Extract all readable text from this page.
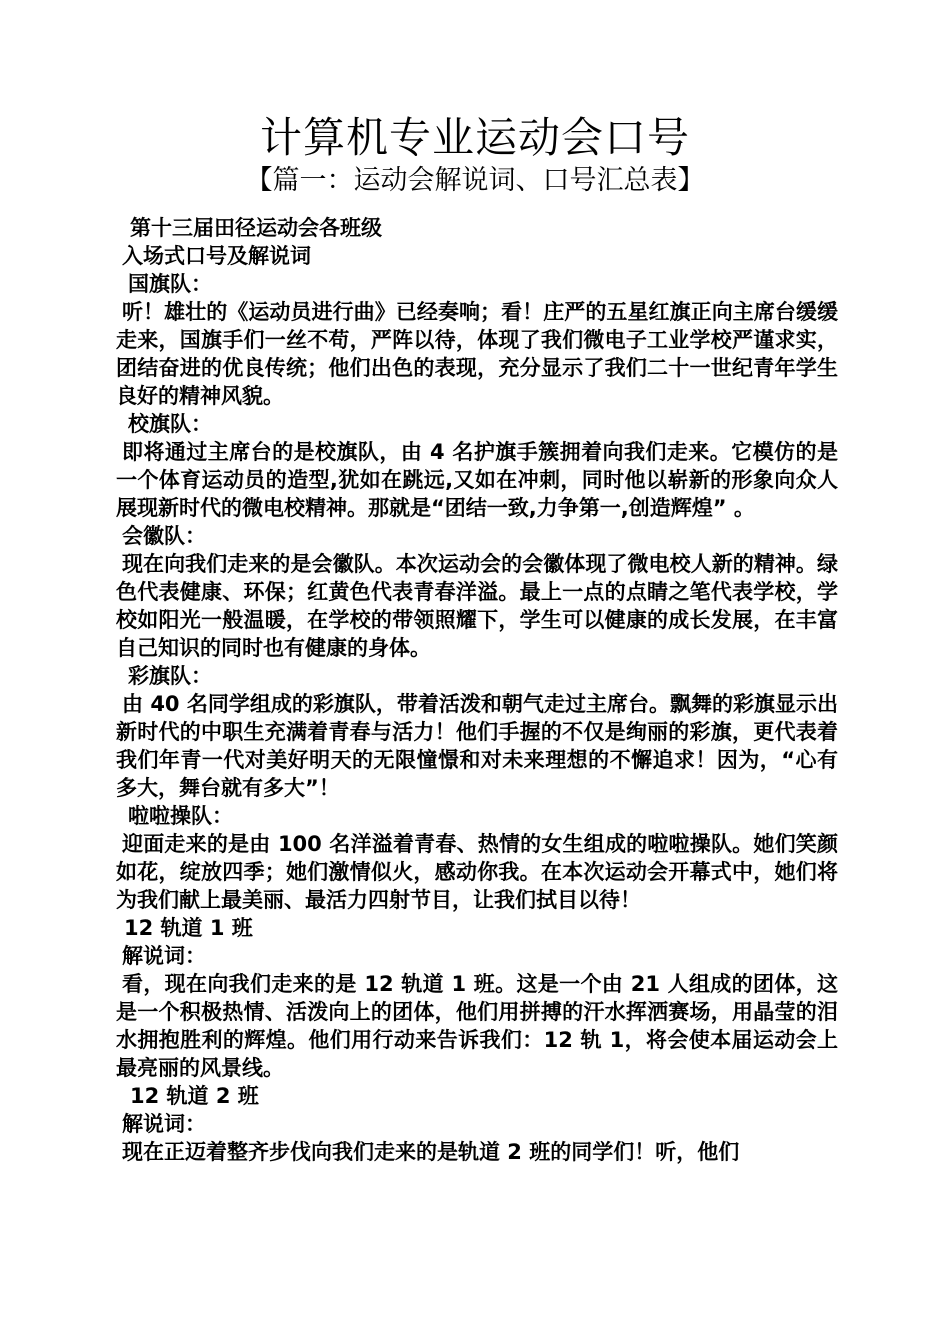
计算机专业运动会口号
【篇一：运动会解说词、口号汇总表】

第十三届田径运动会各班级

入场式口号及解说词

国旗队：

听！雄壮的《运动员进行曲》已经奏响；看！庄严的五星红旗正向主席台缓缓走来，国旗手们一丝不苟，严阵以待，体现了我们微电子工业学校严谨求实，团结奋进的优良传统；他们出色的表现，充分显示了我们二十一世纪青年学生良好的精神风貌。

校旗队：

即将通过主席台的是校旗队，由 4 名护旗手簇拥着向我们走来。它模仿的是一个体育运动员的造型,犹如在跳远,又如在冲刺，同时他以崭新的形象向众人展现新时代的微电校精神。那就是“团结一致,力争第一,创造辉煌” 。

会徽队：

现在向我们走来的是会徽队。本次运动会的会徽体现了微电校人新的精神。绿色代表健康、环保；红黄色代表青春洋溢。最上一点的点睛之笔代表学校，学校如阳光一般温暖，在学校的带领照耀下，学生可以健康的成长发展，在丰富自己知识的同时也有健康的身体。

彩旗队：

由 40 名同学组成的彩旗队，带着活泼和朝气走过主席台。飘舞的彩旗显示出新时代的中职生充满着青春与活力！他们手握的不仅是绚丽的彩旗，更代表着我们年青一代对美好明天的无限憧憬和对未来理想的不懈追求！因为，“心有多大，舞台就有多大”！

啦啦操队：

迎面走来的是由 100 名洋溢着青春、热情的女生组成的啦啦操队。她们笑颜如花，绽放四季；她们激情似火，感动你我。在本次运动会开幕式中，她们将为我们献上最美丽、最活力四射节目，让我们拭目以待！

12 轨道 1 班

解说词：

看，现在向我们走来的是 12 轨道 1 班。这是一个由 21 人组成的团体，这是一个积极热情、活泼向上的团体，他们用拼搏的汗水挥洒赛场，用晶莹的泪水拥抱胜利的辉煌。他们用行动来告诉我们：12 轨 1，将会使本届运动会上最亮丽的风景线。

12 轨道 2 班

解说词：

现在正迈着整齐步伐向我们走来的是轨道 2 班的同学们！听，他们
